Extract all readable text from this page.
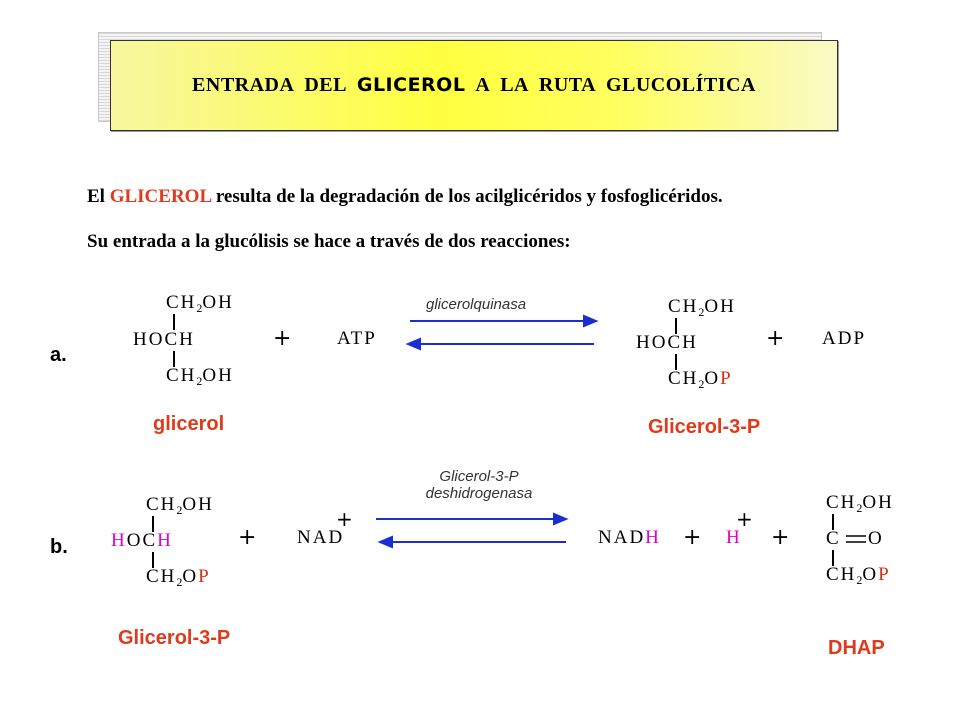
ENTRADA  DEL  GLICEROL  A  LA  RUTA  GLUCOLÍTICA
El GLICEROL resulta de la degradación de los acilglicéridos y fosfoglicéridos.
Su entrada a la glucólisis se hace a través de dos reacciones:
a.
$CH_2OH$
HOCH
$CH_2OH$
glicerol
+ ATP
glicerolquinasa	$CH_2OH$
HOCH
$CH_2OP$
Glicerol-3-P
+ ADP
b.
$CH_2OH$
HOCH
$CH_2OP$
Glicerol-3-P
+ NAD
+
Glicerol-3-P
deshidrogenasa
NADH + H
+
+
$CH_2OH$
C O
$CH_2OP$
DHAP
